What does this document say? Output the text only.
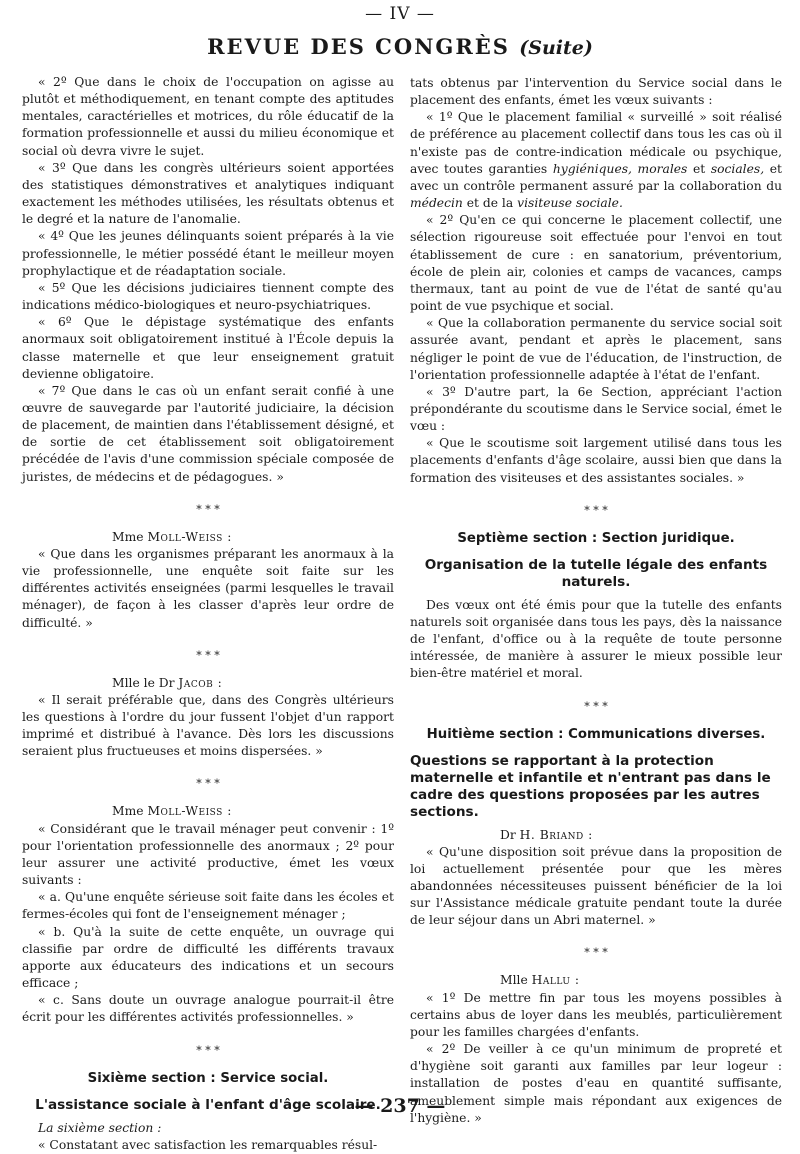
— IV —
REVUE DES CONGRÈS (Suite)

« 2º Que dans le choix de l'occupation on agisse au plutôt et méthodiquement, en tenant compte des aptitudes mentales, caractérielles et motrices, du rôle éducatif de la formation professionnelle et aussi du milieu économique et social où devra vivre le sujet.

« 3º Que dans les congrès ultérieurs soient apportées des statistiques démonstratives et analytiques indiquant exactement les méthodes utilisées, les résultats obtenus et le degré et la nature de l'anomalie.

« 4º Que les jeunes délinquants soient préparés à la vie professionnelle, le métier possédé étant le meilleur moyen prophylactique et de réadaptation sociale.

« 5º Que les décisions judiciaires tiennent compte des indications médico-biologiques et neuro-psychiatriques.

« 6º Que le dépistage systématique des enfants anormaux soit obligatoirement institué à l'École depuis la classe maternelle et que leur enseignement gratuit devienne obligatoire.

« 7º Que dans le cas où un enfant serait confié à une œuvre de sauvegarde par l'autorité judiciaire, la décision de placement, de maintien dans l'établissement désigné, et de sortie de cet établissement soit obligatoirement précédée de l'avis d'une commission spéciale composée de juristes, de médecins et de pédagogues. »

* * *

Mme Moll-Weiss :

« Que dans les organismes préparant les anormaux à la vie professionnelle, une enquête soit faite sur les différentes activités enseignées (parmi lesquelles le travail ménager), de façon à les classer d'après leur ordre de difficulté. »

* * *

Mlle le Dr Jacob :

« Il serait préférable que, dans des Congrès ultérieurs les questions à l'ordre du jour fussent l'objet d'un rapport imprimé et distribué à l'avance. Dès lors les discussions seraient plus fructueuses et moins dispersées. »

* * *

Mme Moll-Weiss :

« Considérant que le travail ménager peut convenir : 1º pour l'orientation professionnelle des anormaux ; 2º pour leur assurer une activité productive, émet les vœux suivants :

« a. Qu'une enquête sérieuse soit faite dans les écoles et fermes-écoles qui font de l'enseignement ménager ;

« b. Qu'à la suite de cette enquête, un ouvrage qui classifie par ordre de difficulté les différents travaux apporte aux éducateurs des indications et un secours efficace ;

« c. Sans doute un ouvrage analogue pourrait-il être écrit pour les différentes activités professionnelles. »

* * *
Sixième section : Service social.
L'assistance sociale à l'enfant d'âge scolaire.

La sixième section :

« Constatant avec satisfaction les remarquables résul-

tats obtenus par l'intervention du Service social dans le placement des enfants, émet les vœux suivants :

« 1º Que le placement familial « surveillé » soit réalisé de préférence au placement collectif dans tous les cas où il n'existe pas de contre-indication médicale ou psychique, avec toutes garanties hygiéniques, morales et sociales, et avec un contrôle permanent assuré par la collaboration du médecin et de la visiteuse sociale.

« 2º Qu'en ce qui concerne le placement collectif, une sélection rigoureuse soit effectuée pour l'envoi en tout établissement de cure : en sanatorium, préventorium, école de plein air, colonies et camps de vacances, camps thermaux, tant au point de vue de l'état de santé qu'au point de vue psychique et social.

« Que la collaboration permanente du service social soit assurée avant, pendant et après le placement, sans négliger le point de vue de l'éducation, de l'instruction, de l'orientation professionnelle adaptée à l'état de l'enfant.

« 3º D'autre part, la 6e Section, appréciant l'action prépondérante du scoutisme dans le Service social, émet le vœu :

« Que le scoutisme soit largement utilisé dans tous les placements d'enfants d'âge scolaire, aussi bien que dans la formation des visiteuses et des assistantes sociales. »

* * *
Septième section : Section juridique.
Organisation de la tutelle légale des enfants naturels.

Des vœux ont été émis pour que la tutelle des enfants naturels soit organisée dans tous les pays, dès la naissance de l'enfant, d'office ou à la requête de toute personne intéressée, de manière à assurer le mieux possible leur bien-être matériel et moral.

* * *
Huitième section : Communications diverses.
Questions se rapportant à la protection maternelle et infantile et n'entrant pas dans le cadre des questions proposées par les autres sections.

Dr H. Briand :

« Qu'une disposition soit prévue dans la proposition de loi actuellement présentée pour que les mères abandonnées nécessiteuses puissent bénéficier de la loi sur l'Assistance médicale gratuite pendant toute la durée de leur séjour dans un Abri maternel. »

* * *

Mlle Hallu :

« 1º De mettre fin par tous les moyens possibles à certains abus de loyer dans les meublés, particulièrement pour les familles chargées d'enfants.

« 2º De veiller à ce qu'un minimum de propreté et d'hygiène soit garanti aux familles par leur logeur : installation de postes d'eau en quantité suffisante, ameublement simple mais répondant aux exigences de l'hygiène. »

— 237 —
